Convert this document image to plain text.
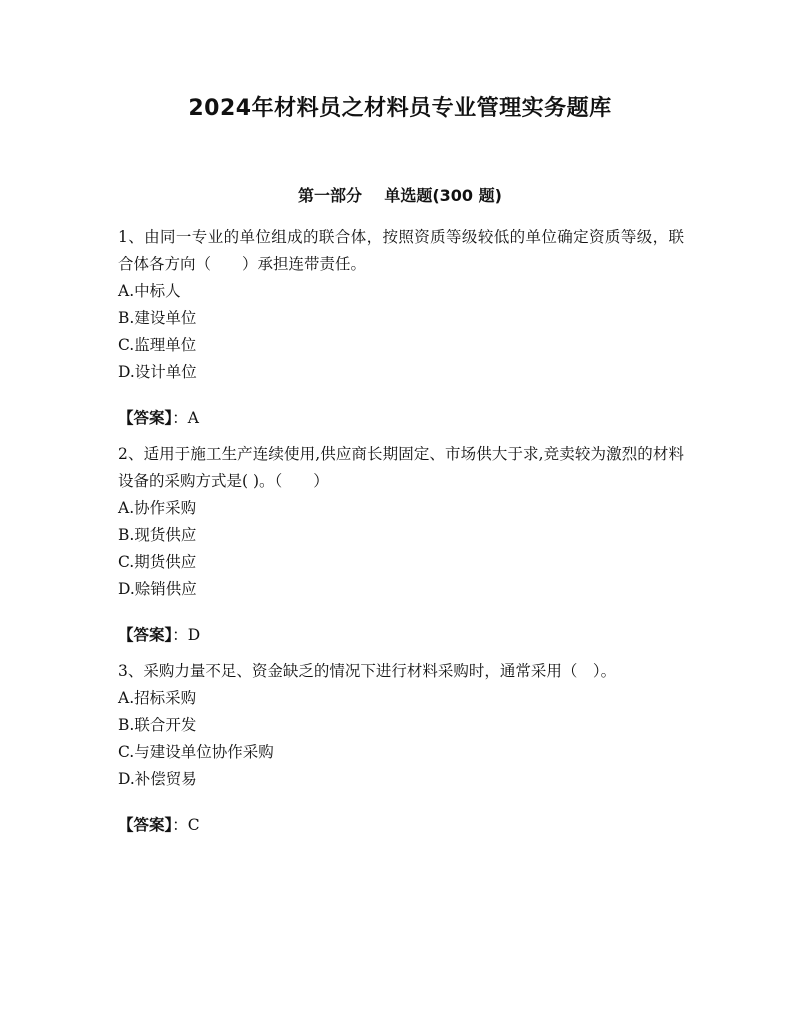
2024年材料员之材料员专业管理实务题库
第一部分    单选题(300 题)

1、由同一专业的单位组成的联合体，按照资质等级较低的单位确定资质等级，联合体各方向（　　）承担连带责任。

A.中标人
B.建设单位
C.监理单位
D.设计单位

【答案】：A

2、适用于施工生产连续使用,供应商长期固定、市场供大于求,竞卖较为激烈的材料设备的采购方式是( )。（　　）

A.协作采购
B.现货供应
C.期货供应
D.赊销供应

【答案】：D

3、采购力量不足、资金缺乏的情况下进行材料采购时，通常采用（　）。

A.招标采购
B.联合开发
C.与建设单位协作采购
D.补偿贸易

【答案】：C
